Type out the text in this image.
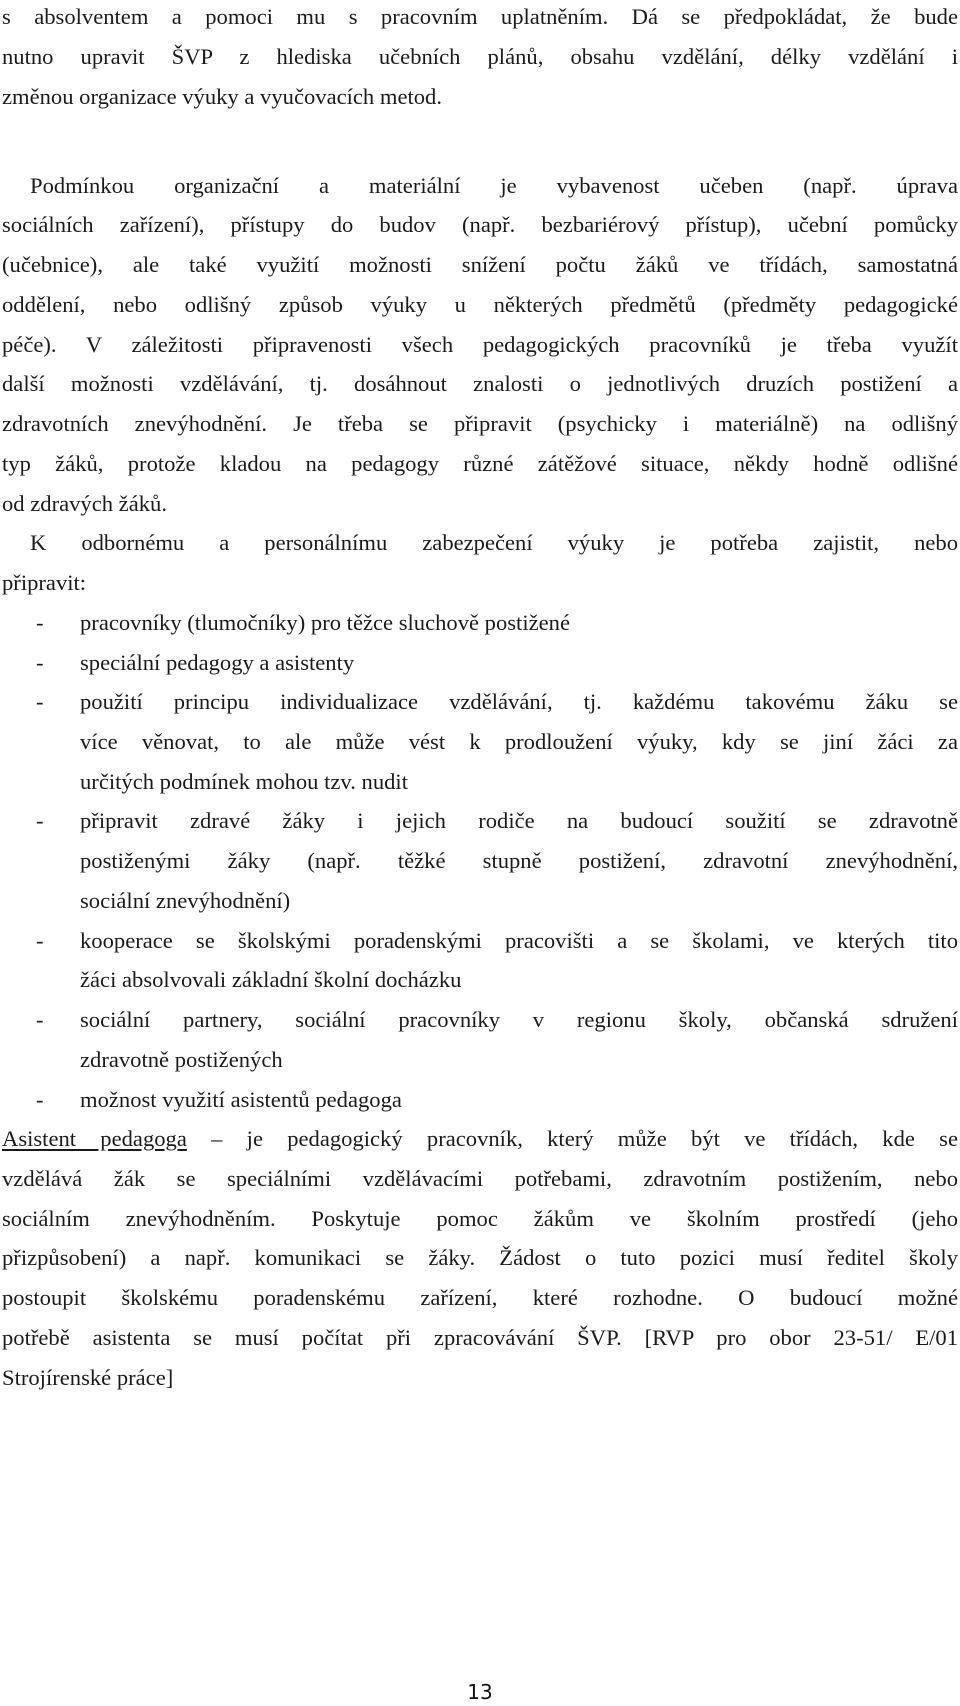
s absolventem a pomoci mu s pracovním uplatněním. Dá se předpokládat, že bude
nutno upravit ŠVP z hlediska učebních plánů, obsahu vzdělání, délky vzdělání i
změnou organizace výuky a vyučovacích metod.
Podmínkou organizační a materiální je vybavenost učeben (např. úprava
sociálních zařízení), přístupy do budov (např. bezbariérový přístup), učební pomůcky
(učebnice), ale také využití možnosti snížení počtu žáků ve třídách, samostatná
oddělení, nebo odlišný způsob výuky u některých předmětů (předměty pedagogické
péče). V záležitosti připravenosti všech pedagogických pracovníků je třeba využít
další možnosti vzdělávání, tj. dosáhnout znalosti o jednotlivých druzích postižení a
zdravotních znevýhodnění. Je třeba se připravit (psychicky i materiálně) na odlišný
typ žáků, protože kladou na pedagogy různé zátěžové situace, někdy hodně odlišné
od zdravých žáků.
K odbornému a personálnímu zabezpečení výuky je potřeba zajistit, nebo
připravit:
- pracovníky (tlumočníky) pro těžce sluchově postižené
- speciální pedagogy a asistenty
- použití principu individualizace vzdělávání, tj. každému takovému žáku se
více věnovat, to ale může vést k prodloužení výuky, kdy se jiní žáci za
určitých podmínek mohou tzv. nudit
- připravit zdravé žáky i jejich rodiče na budoucí soužití se zdravotně
postiženými žáky (např. těžké stupně postižení, zdravotní znevýhodnění,
sociální znevýhodnění)
- kooperace se školskými poradenskými pracovišti a se školami, ve kterých tito
žáci absolvovali základní školní docházku
- sociální partnery, sociální pracovníky v regionu školy, občanská sdružení
zdravotně postižených
- možnost využití asistentů pedagoga
Asistent pedagoga – je pedagogický pracovník, který může být ve třídách, kde se
vzdělává žák se speciálními vzdělávacími potřebami, zdravotním postižením, nebo
sociálním znevýhodněním. Poskytuje pomoc žákům ve školním prostředí (jeho
přizpůsobení) a např. komunikaci se žáky. Žádost o tuto pozici musí ředitel školy
postoupit školskému poradenskému zařízení, které rozhodne. O budoucí možné
potřebě asistenta se musí počítat při zpracovávání ŠVP. [RVP pro obor 23-51/ E/01
Strojírenské práce]
13
